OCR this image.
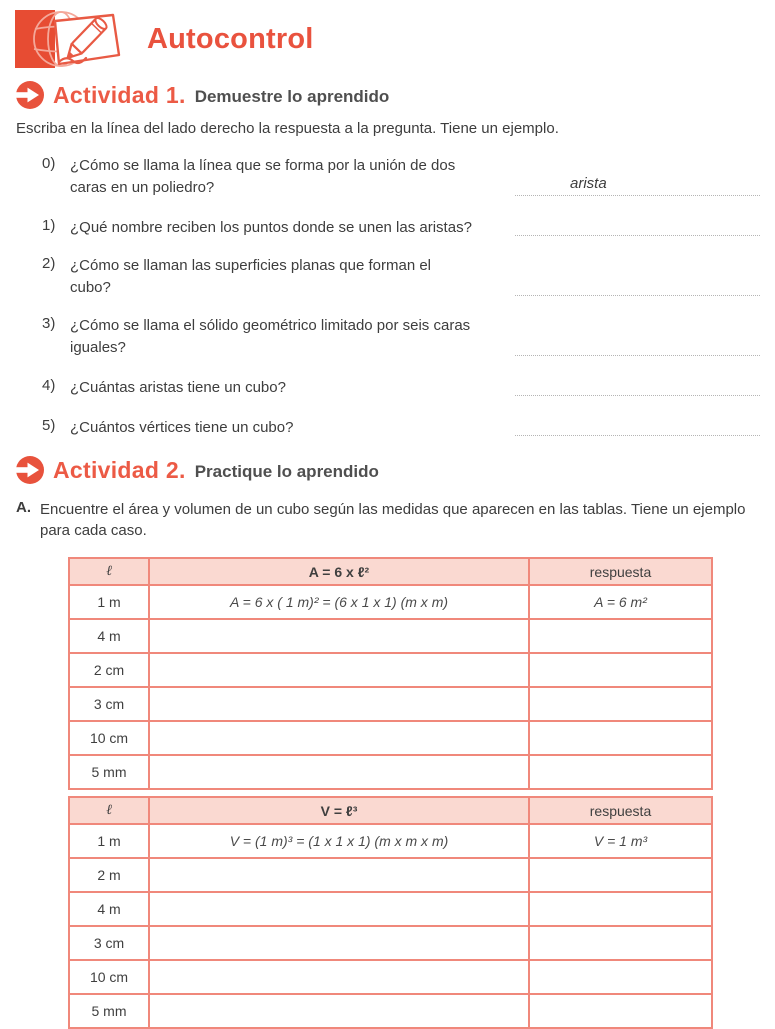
Autocontrol
Actividad 1. Demuestre lo aprendido
Escriba en la línea del lado derecho la respuesta a la pregunta. Tiene un ejemplo.
0) ¿Cómo se llama la línea que se forma por la unión de dos caras en un poliedro?	arista
1) ¿Qué nombre reciben los puntos donde se unen las aristas?
2) ¿Cómo se llaman las superficies planas que forman el cubo?
3) ¿Cómo se llama el sólido geométrico limitado por seis caras iguales?
4) ¿Cuántas aristas tiene un cubo?
5) ¿Cuántos vértices tiene un cubo?
Actividad 2. Practique lo aprendido
A. Encuentre el área y volumen de un cubo según las medidas que aparecen en las tablas. Tiene un ejemplo para cada caso.
ℓ	A = 6 x ℓ²	respuesta
1 m	A = 6 x ( 1 m)² = (6 x 1 x 1) (m x m)	A = 6 m²
4 m		
2 cm		
3 cm		
10 cm		
5 mm		
ℓ	V = ℓ³	respuesta
1 m	V = (1 m)³ = (1 x 1 x 1) (m x m x m)	V = 1 m³
2 m		
4 m		
3 cm		
10 cm		
5 mm		
